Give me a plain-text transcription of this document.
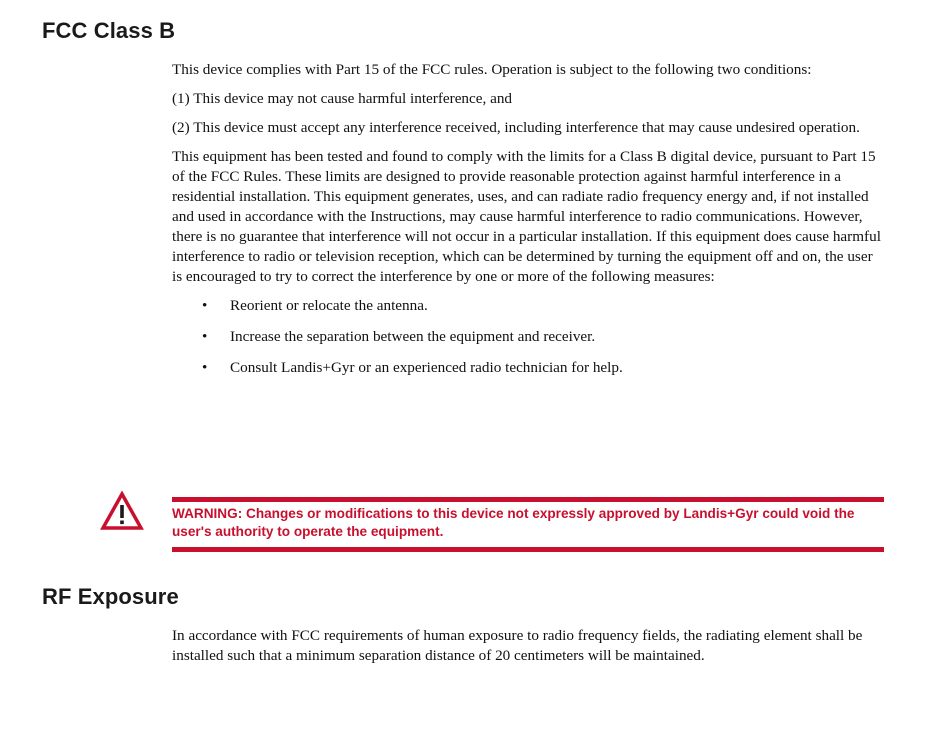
FCC Class B

This device complies with Part 15 of the FCC rules. Operation is subject to the following two conditions:

(1) This device may not cause harmful interference, and

(2) This device must accept any interference received, including interference that may cause undesired operation.

This equipment has been tested and found to comply with the limits for a Class B digital device, pursuant to Part 15 of the FCC Rules. These limits are designed to provide reasonable protection against harmful interference in a residential installation. This equipment generates, uses, and can radiate radio frequency energy and, if not installed and used in accordance with the Instructions, may cause harmful interference to radio communications. However, there is no guarantee that interference will not occur in a particular installation. If this equipment does cause harmful interference to radio or television reception, which can be determined by turning the equipment off and on, the user is encouraged to try to correct the interference by one or more of the following measures:

• Reorient or relocate the antenna.
• Increase the separation between the equipment and receiver.
• Consult Landis+Gyr or an experienced radio technician for help.
WARNING: Changes or modifications to this device not expressly approved by Landis+Gyr could void the user's authority to operate the equipment.
RF Exposure

In accordance with FCC requirements of human exposure to radio frequency fields, the radiating element shall be installed such that a minimum separation distance of 20 centimeters will be maintained.
